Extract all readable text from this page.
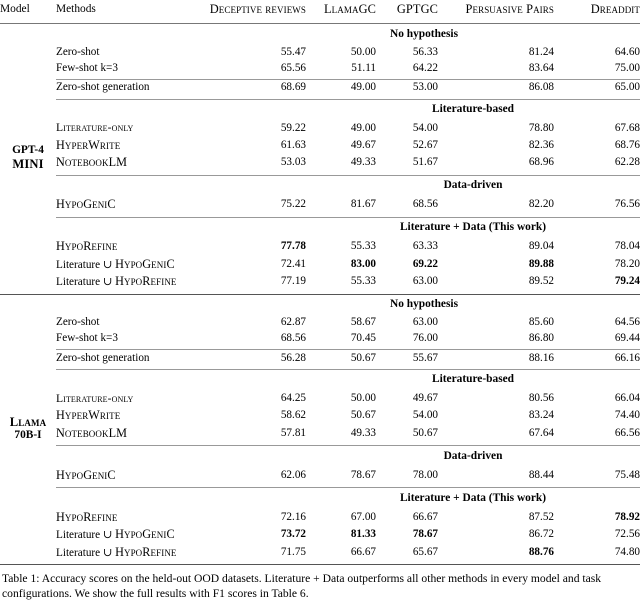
Model	Methods	Deceptive reviews	LlamaGC	GPTGC	Persuasive Pairs	Dreaddit

GPT-4
MINI		No hypothesis				
	Zero-shot	55.47	50.00	56.33	81.24	64.60
	Few-shot k=3	65.56	51.11	64.22	83.64	75.00

	Zero-shot generation	68.69	49.00	53.00	86.08	65.00

			Literature-based			
	Literature-only	59.22	49.00	54.00	78.80	67.68
	HyperWrite	61.63	49.67	52.67	82.36	68.76
	NotebookLM	53.03	49.33	51.67	68.96	62.28

			Data-driven			
	HypoGeniC	75.22	81.67	68.56	82.20	76.56

			Literature + Data (This work)			
	HypoRefine	77.78	55.33	63.33	89.04	78.04
	Literature ∪ HypoGeniC	72.41	83.00	69.22	89.88	78.20
	Literature ∪ HypoRefine	77.19	55.33	63.00	89.52	79.24

Llama
70B-I		No hypothesis				
	Zero-shot	62.87	58.67	63.00	85.60	64.56
	Few-shot k=3	68.56	70.45	76.00	86.80	69.44

	Zero-shot generation	56.28	50.67	55.67	88.16	66.16

			Literature-based			
	Literature-only	64.25	50.00	49.67	80.56	66.04
	HyperWrite	58.62	50.67	54.00	83.24	74.40
	NotebookLM	57.81	49.33	50.67	67.64	66.56

			Data-driven			
	HypoGeniC	62.06	78.67	78.00	88.44	75.48

			Literature + Data (This work)			
	HypoRefine	72.16	67.00	66.67	87.52	78.92
	Literature ∪ HypoGeniC	73.72	81.33	78.67	86.72	72.56
	Literature ∪ HypoRefine	71.75	66.67	65.67	88.76	74.80

Table 1: Accuracy scores on the held-out OOD datasets. Literature + Data outperforms all other methods in every model and task configurations. We show the full results with F1 scores in Table 6.
